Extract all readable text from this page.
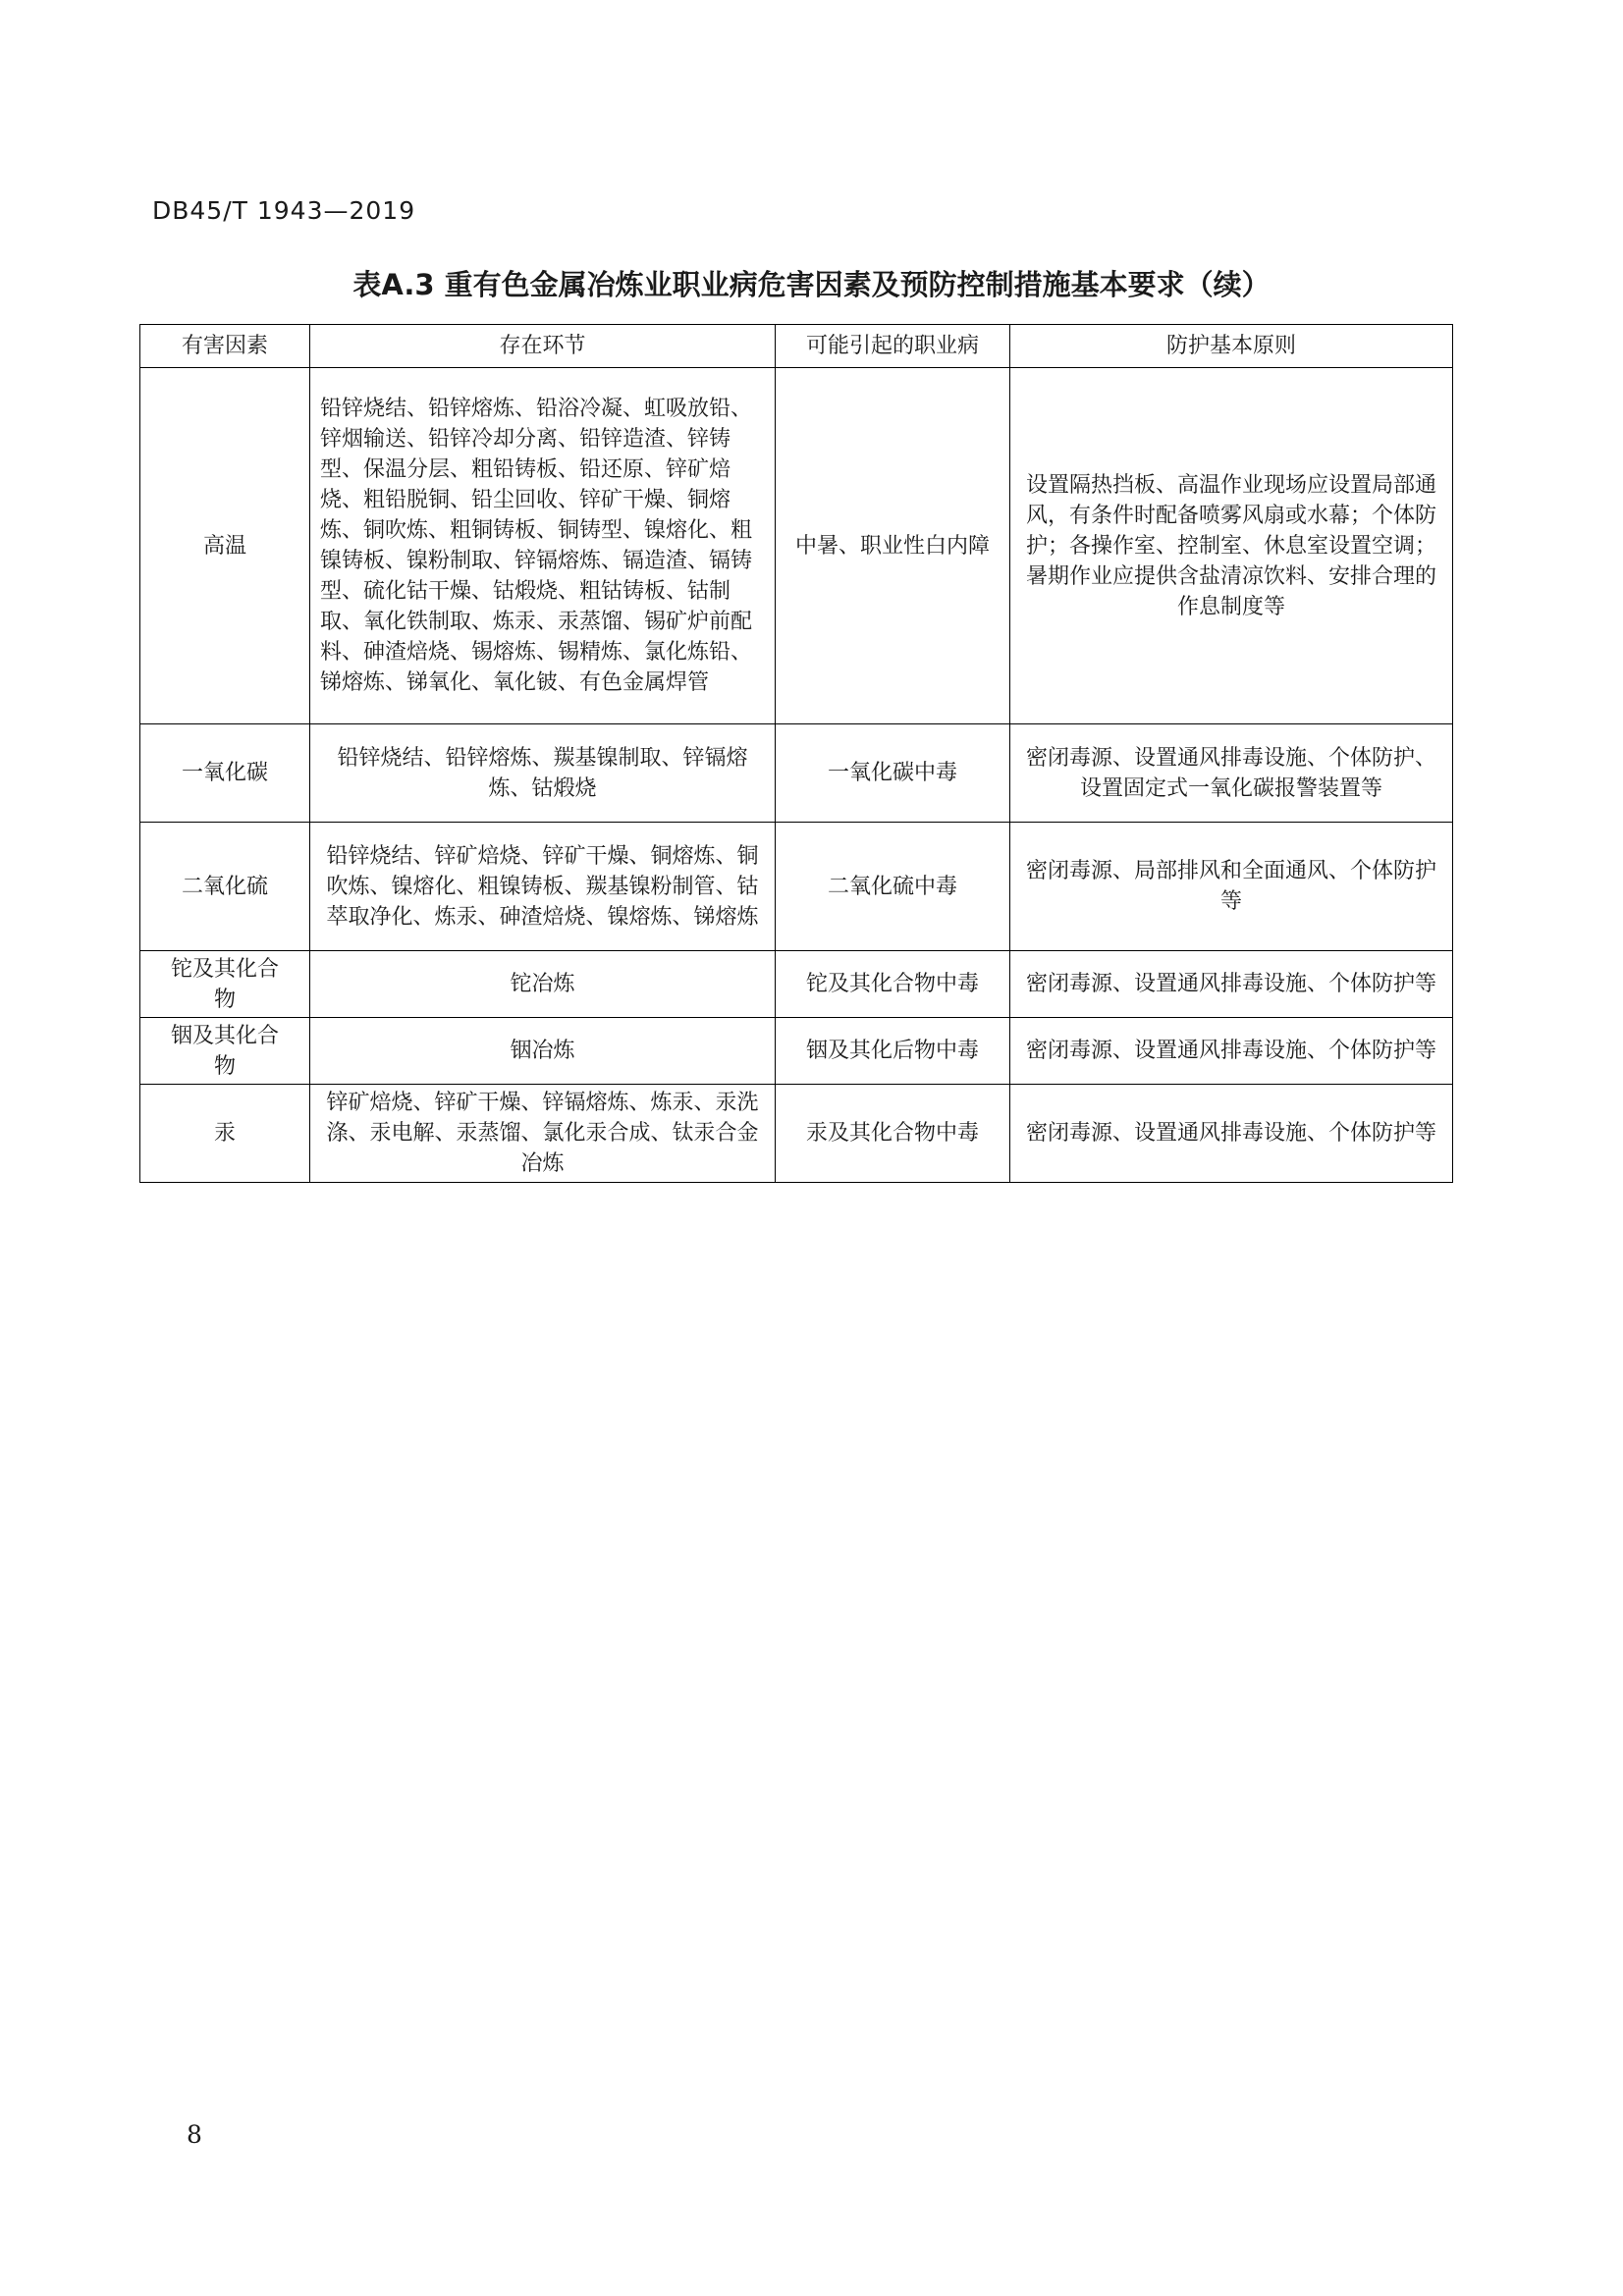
DB45/T 1943—2019
表A.3 重有色金属冶炼业职业病危害因素及预防控制措施基本要求（续）
有害因素	存在环节	可能引起的职业病	防护基本原则
高温	铅锌烧结、铅锌熔炼、铅浴冷凝、虹吸放铅、锌烟输送、铅锌冷却分离、铅锌造渣、锌铸型、保温分层、粗铅铸板、铅还原、锌矿焙烧、粗铅脱铜、铅尘回收、锌矿干燥、铜熔炼、铜吹炼、粗铜铸板、铜铸型、镍熔化、粗镍铸板、镍粉制取、锌镉熔炼、镉造渣、镉铸型、硫化钴干燥、钴煅烧、粗钴铸板、钴制取、氧化铁制取、炼汞、汞蒸馏、锡矿炉前配料、砷渣焙烧、锡熔炼、锡精炼、氯化炼铅、锑熔炼、锑氧化、氧化铍、有色金属焊管	中暑、职业性白内障	设置隔热挡板、高温作业现场应设置局部通风，有条件时配备喷雾风扇或水幕；个体防护；各操作室、控制室、休息室设置空调；暑期作业应提供含盐清凉饮料、安排合理的作息制度等
一氧化碳	铅锌烧结、铅锌熔炼、羰基镍制取、锌镉熔炼、钴煅烧	一氧化碳中毒	密闭毒源、设置通风排毒设施、个体防护、设置固定式一氧化碳报警装置等
二氧化硫	铅锌烧结、锌矿焙烧、锌矿干燥、铜熔炼、铜吹炼、镍熔化、粗镍铸板、羰基镍粉制管、钴萃取净化、炼汞、砷渣焙烧、镍熔炼、锑熔炼	二氧化硫中毒	密闭毒源、局部排风和全面通风、个体防护等
铊及其化合物	铊冶炼	铊及其化合物中毒	密闭毒源、设置通风排毒设施、个体防护等
铟及其化合物	铟冶炼	铟及其化后物中毒	密闭毒源、设置通风排毒设施、个体防护等
汞	锌矿焙烧、锌矿干燥、锌镉熔炼、炼汞、汞洗涤、汞电解、汞蒸馏、氯化汞合成、钛汞合金冶炼	汞及其化合物中毒	密闭毒源、设置通风排毒设施、个体防护等
8
